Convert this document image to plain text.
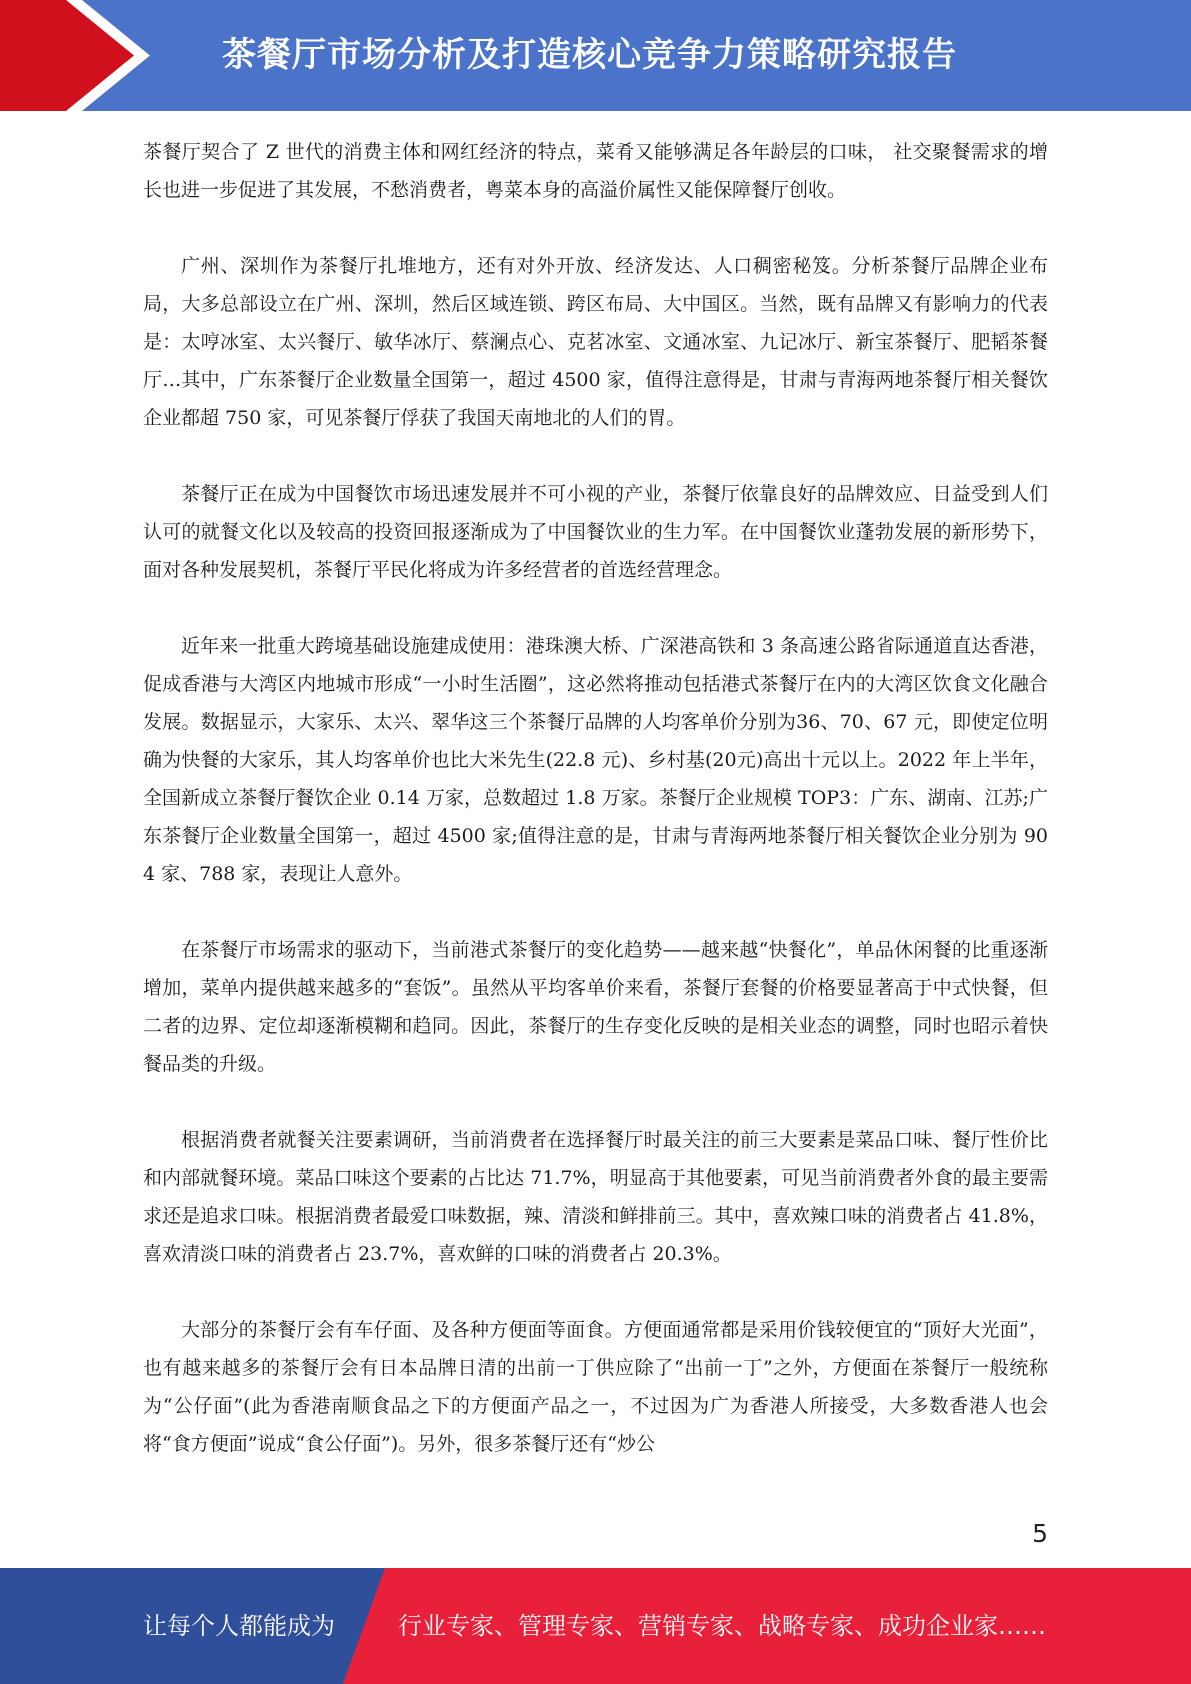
茶餐厅市场分析及打造核心竞争力策略研究报告

茶餐厅契合了 Z 世代的消费主体和网红经济的特点，菜肴又能够满足各年龄层的口味， 社交聚餐需求的增长也进一步促进了其发展，不愁消费者，粤菜本身的高溢价属性又能保障餐厅创收。

广州、深圳作为茶餐厅扎堆地方，还有对外开放、经济发达、人口稠密秘笈。分析茶餐厅品牌企业布局，大多总部设立在广州、深圳，然后区域连锁、跨区布局、大中国区。当然，既有品牌又有影响力的代表是：太哼冰室、太兴餐厅、敏华冰厅、蔡澜点心、克茗冰室、文通冰室、九记冰厅、新宝茶餐厅、肥韬茶餐厅…其中，广东茶餐厅企业数量全国第一，超过 4500 家，值得注意得是，甘肃与青海两地茶餐厅相关餐饮企业都超 750 家，可见茶餐厅俘获了我国天南地北的人们的胃。

茶餐厅正在成为中国餐饮市场迅速发展并不可小视的产业，茶餐厅依靠良好的品牌效应、日益受到人们认可的就餐文化以及较高的投资回报逐渐成为了中国餐饮业的生力军。在中国餐饮业蓬勃发展的新形势下，面对各种发展契机，茶餐厅平民化将成为许多经营者的首选经营理念。

近年来一批重大跨境基础设施建成使用：港珠澳大桥、广深港高铁和 3 条高速公路省际通道直达香港，促成香港与大湾区内地城市形成“一小时生活圈”，这必然将推动包括港式茶餐厅在内的大湾区饮食文化融合发展。数据显示，大家乐、太兴、翠华这三个茶餐厅品牌的人均客单价分别为36、70、67 元，即使定位明确为快餐的大家乐，其人均客单价也比大米先生(22.8 元)、乡村基(20元)高出十元以上。2022 年上半年，全国新成立茶餐厅餐饮企业 0.14 万家，总数超过 1.8 万家。茶餐厅企业规模 TOP3：广东、湖南、江苏;广东茶餐厅企业数量全国第一，超过 4500 家;值得注意的是，甘肃与青海两地茶餐厅相关餐饮企业分别为 904 家、788 家，表现让人意外。

在茶餐厅市场需求的驱动下，当前港式茶餐厅的变化趋势——越来越“快餐化”，单品休闲餐的比重逐渐增加，菜单内提供越来越多的“套饭”。虽然从平均客单价来看，茶餐厅套餐的价格要显著高于中式快餐，但二者的边界、定位却逐渐模糊和趋同。因此，茶餐厅的生存变化反映的是相关业态的调整，同时也昭示着快餐品类的升级。

根据消费者就餐关注要素调研，当前消费者在选择餐厅时最关注的前三大要素是菜品口味、餐厅性价比和内部就餐环境。菜品口味这个要素的占比达 71.7%，明显高于其他要素，可见当前消费者外食的最主要需求还是追求口味。根据消费者最爱口味数据，辣、清淡和鲜排前三。其中，喜欢辣口味的消费者占 41.8%，喜欢清淡口味的消费者占 23.7%，喜欢鲜的口味的消费者占 20.3%。

大部分的茶餐厅会有车仔面、及各种方便面等面食。方便面通常都是采用价钱较便宜的“顶好大光面”，也有越来越多的茶餐厅会有日本品牌日清的出前一丁供应除了“出前一丁”之外，方便面在茶餐厅一般统称为“公仔面”(此为香港南顺食品之下的方便面产品之一，不过因为广为香港人所接受，大多数香港人也会将“食方便面”说成“食公仔面”)。另外，很多茶餐厅还有“炒公

5
让每个人都能成为	行业专家、管理专家、营销专家、战略专家、成功企业家……
